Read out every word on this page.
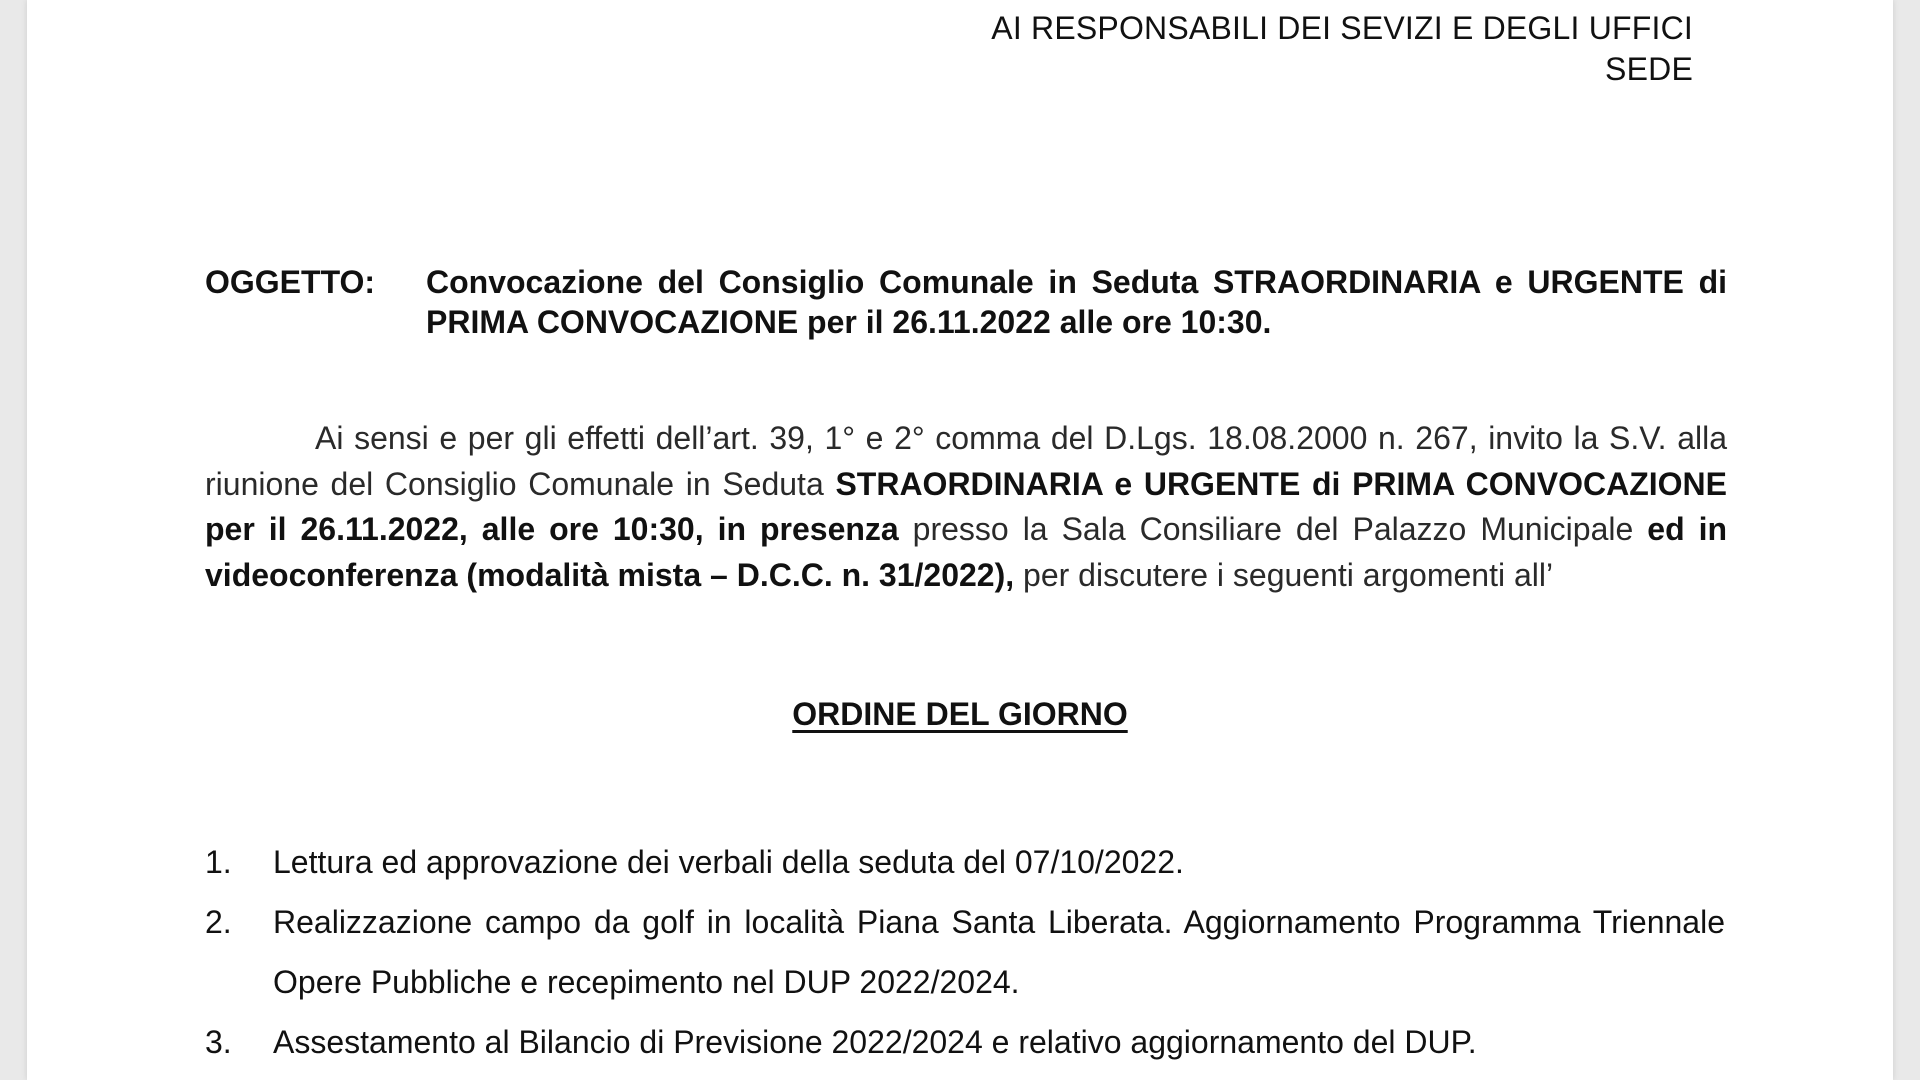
AI RESPONSABILI DEI SEVIZI E DEGLI UFFICI
SEDE
OGGETTO: Convocazione del Consiglio Comunale in Seduta STRAORDINARIA e URGENTE di PRIMA CONVOCAZIONE per il 26.11.2022 alle ore 10:30.

Ai sensi e per gli effetti dell’art. 39, 1° e 2° comma del D.Lgs. 18.08.2000 n. 267, invito la S.V. alla riunione del Consiglio Comunale in Seduta STRAORDINARIA e URGENTE di PRIMA CONVOCAZIONE per il 26.11.2022, alle ore 10:30, in presenza presso la Sala Consiliare del Palazzo Municipale ed in videoconferenza (modalità mista – D.C.C. n. 31/2022), per discutere i seguenti argomenti all’

ORDINE DEL GIORNO
1.	Lettura ed approvazione dei verbali della seduta del 07/10/2022.
2.	Realizzazione campo da golf in località Piana Santa Liberata. Aggiornamento Programma Triennale Opere Pubbliche e recepimento nel DUP 2022/2024.
3.	Assestamento al Bilancio di Previsione 2022/2024 e relativo aggiornamento del DUP.
